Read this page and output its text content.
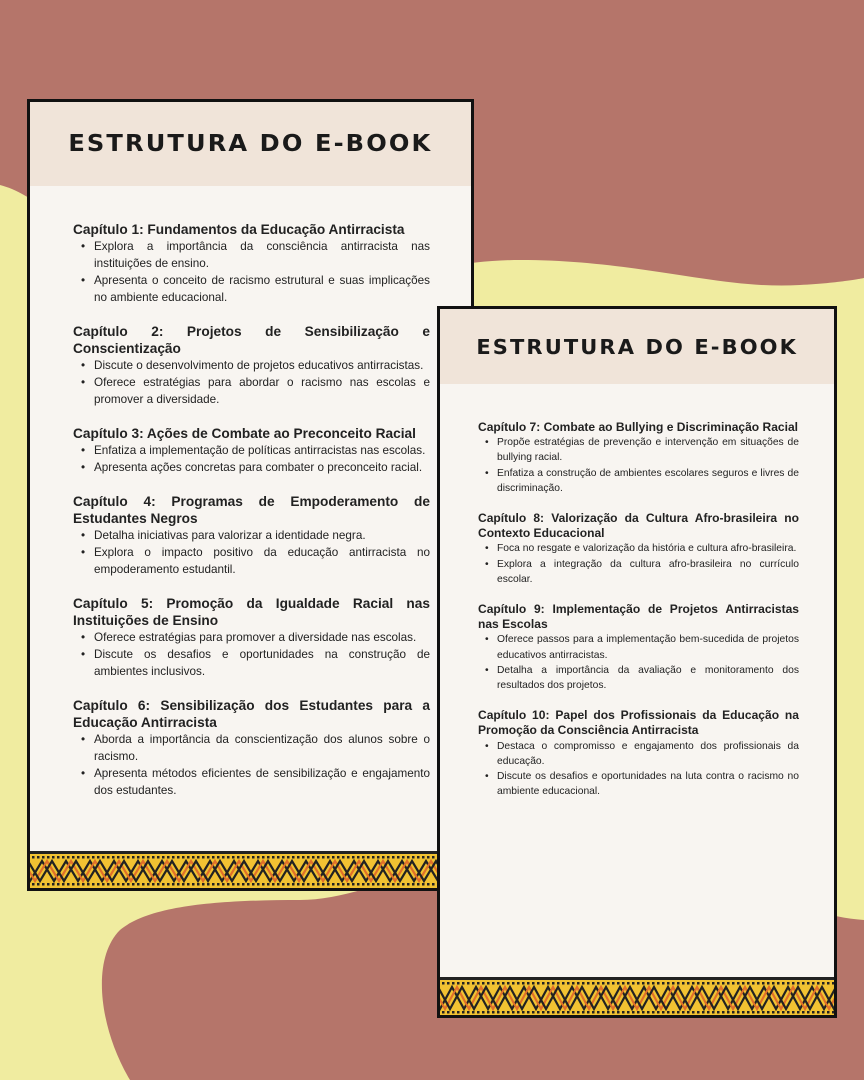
ESTRUTURA DO E-BOOK
Capítulo 1: Fundamentos da Educação Antirracista
• Explora a importância da consciência antirracista nas instituições de ensino.
• Apresenta o conceito de racismo estrutural e suas implicações no ambiente educacional.
Capítulo 2: Projetos de Sensibilização e Conscientização
• Discute o desenvolvimento de projetos educativos antirracistas.
• Oferece estratégias para abordar o racismo nas escolas e promover a diversidade.
Capítulo 3: Ações de Combate ao Preconceito Racial
• Enfatiza a implementação de políticas antirracistas nas escolas.
• Apresenta ações concretas para combater o preconceito racial.
Capítulo 4: Programas de Empoderamento de Estudantes Negros
• Detalha iniciativas para valorizar a identidade negra.
• Explora o impacto positivo da educação antirracista no empoderamento estudantil.
Capítulo 5: Promoção da Igualdade Racial nas Instituições de Ensino
• Oferece estratégias para promover a diversidade nas escolas.
• Discute os desafios e oportunidades na construção de ambientes inclusivos.
Capítulo 6: Sensibilização dos Estudantes para a Educação Antirracista
• Aborda a importância da conscientização dos alunos sobre o racismo.
• Apresenta métodos eficientes de sensibilização e engajamento dos estudantes.
ESTRUTURA DO E-BOOK
Capítulo 7: Combate ao Bullying e Discriminação Racial
• Propõe estratégias de prevenção e intervenção em situações de bullying racial.
• Enfatiza a construção de ambientes escolares seguros e livres de discriminação.
Capítulo 8: Valorização da Cultura Afro-brasileira no Contexto Educacional
• Foca no resgate e valorização da história e cultura afro-brasileira.
• Explora a integração da cultura afro-brasileira no currículo escolar.
Capítulo 9: Implementação de Projetos Antirracistas nas Escolas
• Oferece passos para a implementação bem-sucedida de projetos educativos antirracistas.
• Detalha a importância da avaliação e monitoramento dos resultados dos projetos.
Capítulo 10: Papel dos Profissionais da Educação na Promoção da Consciência Antirracista
• Destaca o compromisso e engajamento dos profissionais da educação.
• Discute os desafios e oportunidades na luta contra o racismo no ambiente educacional.
